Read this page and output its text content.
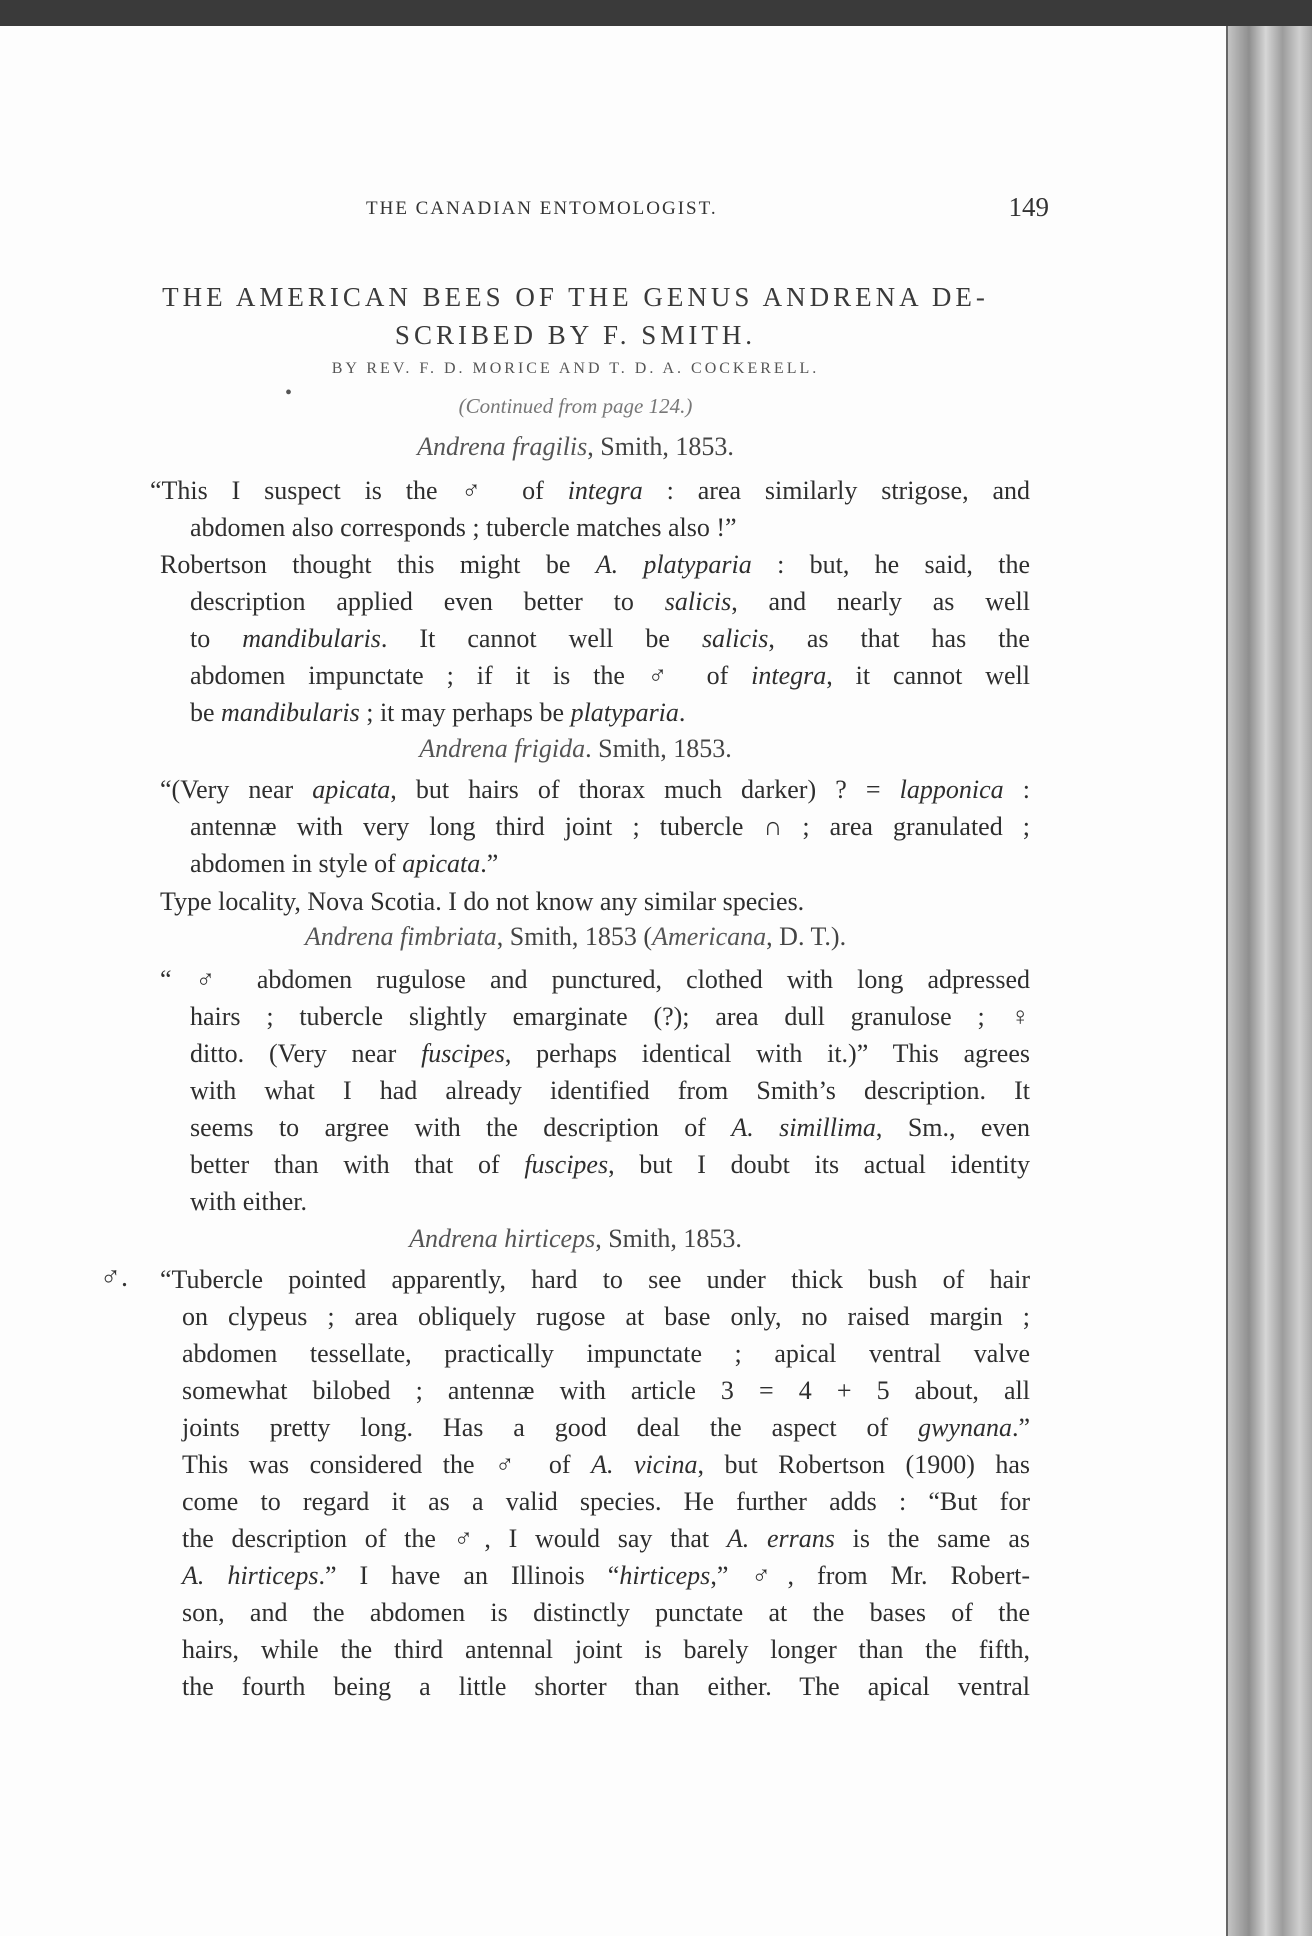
THE CANADIAN ENTOMOLOGIST.	149
THE AMERICAN BEES OF THE GENUS ANDRENA DE-
SCRIBED BY F. SMITH.
BY REV. F. D. MORICE AND T. D. A. COCKERELL.
•
(Continued from page 124.)
Andrena fragilis, Smith, 1853.
“This I suspect is the ♂ of integra : area similarly strigose, and
abdomen also corresponds ; tubercle matches also !”
Robertson thought this might be A. platyparia : but, he said, the
description applied even better to salicis, and nearly as well
to mandibularis. It cannot well be salicis, as that has the
abdomen impunctate ; if it is the ♂ of integra, it cannot well
be mandibularis ; it may perhaps be platyparia.
Andrena frigida. Smith, 1853.
“(Very near apicata, but hairs of thorax much darker) ? = lapponica :
antennæ with very long third joint ; tubercle ∩ ; area granulated ;
abdomen in style of apicata.”
Type locality, Nova Scotia. I do not know any similar species.
Andrena fimbriata, Smith, 1853 (Americana, D. T.).
“ ♂ abdomen rugulose and punctured, clothed with long adpressed
hairs ; tubercle slightly emarginate (?); area dull granulose ; ♀
ditto. (Very near fuscipes, perhaps identical with it.)” This agrees
with what I had already identified from Smith’s description. It
seems to argree with the description of A. simillima, Sm., even
better than with that of fuscipes, but I doubt its actual identity
with either.
Andrena hirticeps, Smith, 1853.
♂. “Tubercle pointed apparently, hard to see under thick bush of hair
on clypeus ; area obliquely rugose at base only, no raised margin ;
abdomen tessellate, practically impunctate ; apical ventral valve
somewhat bilobed ; antennæ with article 3 = 4 + 5 about, all
joints pretty long. Has a good deal the aspect of gwynana.”
This was considered the ♂ of A. vicina, but Robertson (1900) has
come to regard it as a valid species. He further adds : “But for
the description of the ♂, I would say that A. errans is the same as
A. hirticeps.” I have an Illinois “hirticeps,” ♂, from Mr. Robert-
son, and the abdomen is distinctly punctate at the bases of the
hairs, while the third antennal joint is barely longer than the fifth,
the fourth being a little shorter than either. The apical ventral
